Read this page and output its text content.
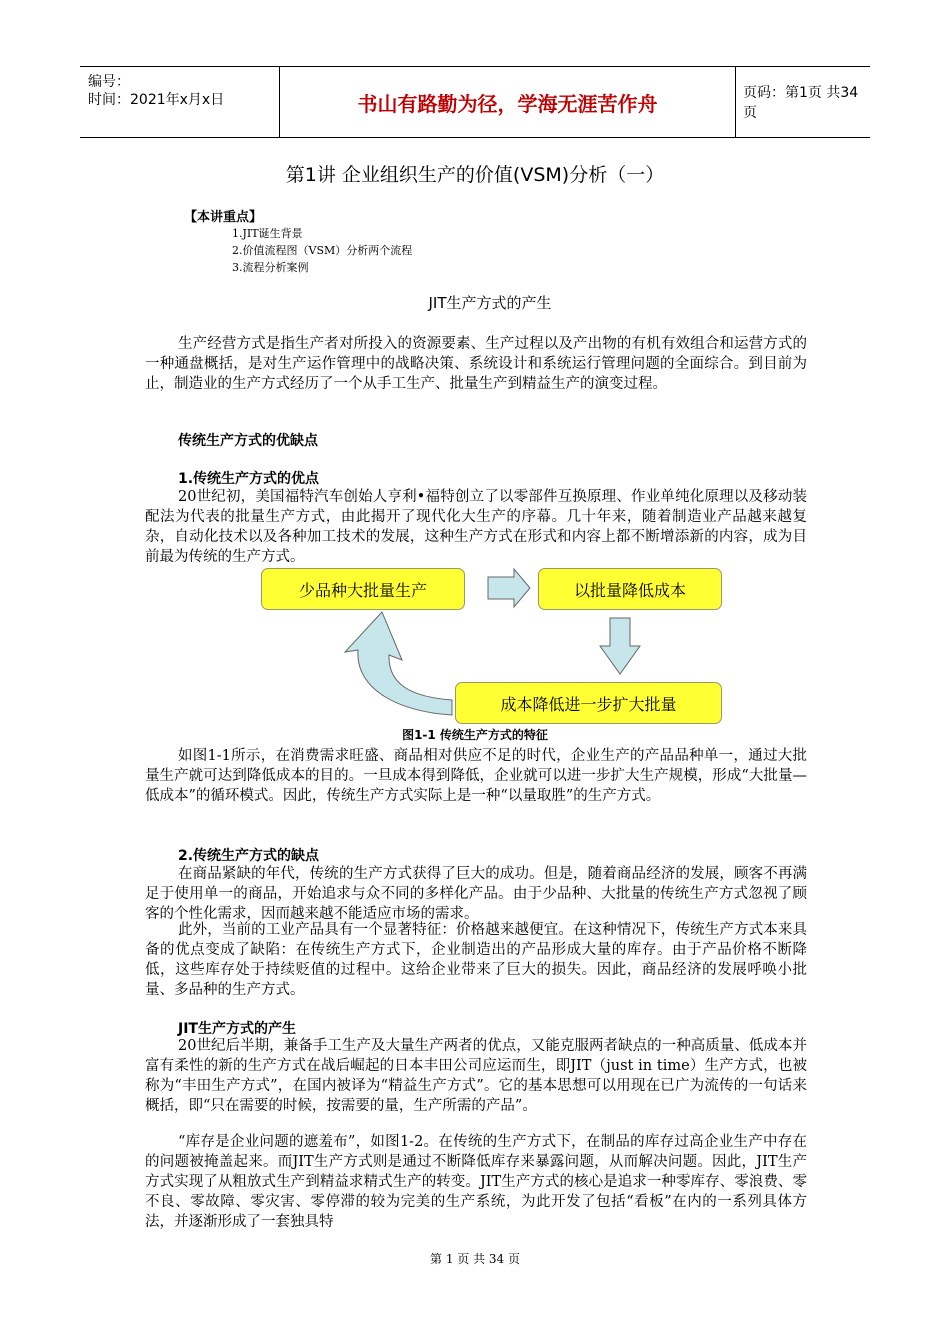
编号：
时间：2021年x月x日	书山有路勤为径，学海无涯苦作舟	页码：第1页 共34页
第1讲 企业组织生产的价值(VSM)分析（一）
【本讲重点】
1.JIT诞生背景
2.价值流程图（VSM）分析两个流程
3.流程分析案例
JIT生产方式的产生

生产经营方式是指生产者对所投入的资源要素、生产过程以及产出物的有机有效组合和运营方式的一种通盘概括，是对生产运作管理中的战略决策、系统设计和系统运行管理问题的全面综合。到目前为止，制造业的生产方式经历了一个从手工生产、批量生产到精益生产的演变过程。

传统生产方式的优缺点
1.传统生产方式的优点

20世纪初，美国福特汽车创始人亨利•福特创立了以零部件互换原理、作业单纯化原理以及移动装配法为代表的批量生产方式，由此揭开了现代化大生产的序幕。几十年来，随着制造业产品越来越复杂，自动化技术以及各种加工技术的发展，这种生产方式在形式和内容上都不断增添新的内容，成为目前最为传统的生产方式。

少品种大批量生产	以批量降低成本
成本降低进一步扩大批量
图1-1 传统生产方式的特征

如图1-1所示，在消费需求旺盛、商品相对供应不足的时代，企业生产的产品品种单一，通过大批量生产就可达到降低成本的目的。一旦成本得到降低，企业就可以进一步扩大生产规模，形成“大批量—低成本”的循环模式。因此，传统生产方式实际上是一种“以量取胜”的生产方式。

2.传统生产方式的缺点

在商品紧缺的年代，传统的生产方式获得了巨大的成功。但是，随着商品经济的发展，顾客不再满足于使用单一的商品，开始追求与众不同的多样化产品。由于少品种、大批量的传统生产方式忽视了顾客的个性化需求，因而越来越不能适应市场的需求。

此外，当前的工业产品具有一个显著特征：价格越来越便宜。在这种情况下，传统生产方式本来具备的优点变成了缺陷：在传统生产方式下，企业制造出的产品形成大量的库存。由于产品价格不断降低，这些库存处于持续贬值的过程中。这给企业带来了巨大的损失。因此，商品经济的发展呼唤小批量、多品种的生产方式。

JIT生产方式的产生

20世纪后半期，兼备手工生产及大量生产两者的优点，又能克服两者缺点的一种高质量、低成本并富有柔性的新的生产方式在战后崛起的日本丰田公司应运而生，即JIT（just in time）生产方式，也被称为“丰田生产方式”，在国内被译为“精益生产方式”。它的基本思想可以用现在已广为流传的一句话来概括，即“只在需要的时候，按需要的量，生产所需的产品”。

“库存是企业问题的遮羞布”，如图1-2。在传统的生产方式下，在制品的库存过高企业生产中存在的问题被掩盖起来。而JIT生产方式则是通过不断降低库存来暴露问题，从而解决问题。因此，JIT生产方式实现了从粗放式生产到精益求精式生产的转变。JIT生产方式的核心是追求一种零库存、零浪费、零不良、零故障、零灾害、零停滞的较为完美的生产系统，为此开发了包括“看板”在内的一系列具体方法，并逐渐形成了一套独具特

第 1 页 共 34 页
